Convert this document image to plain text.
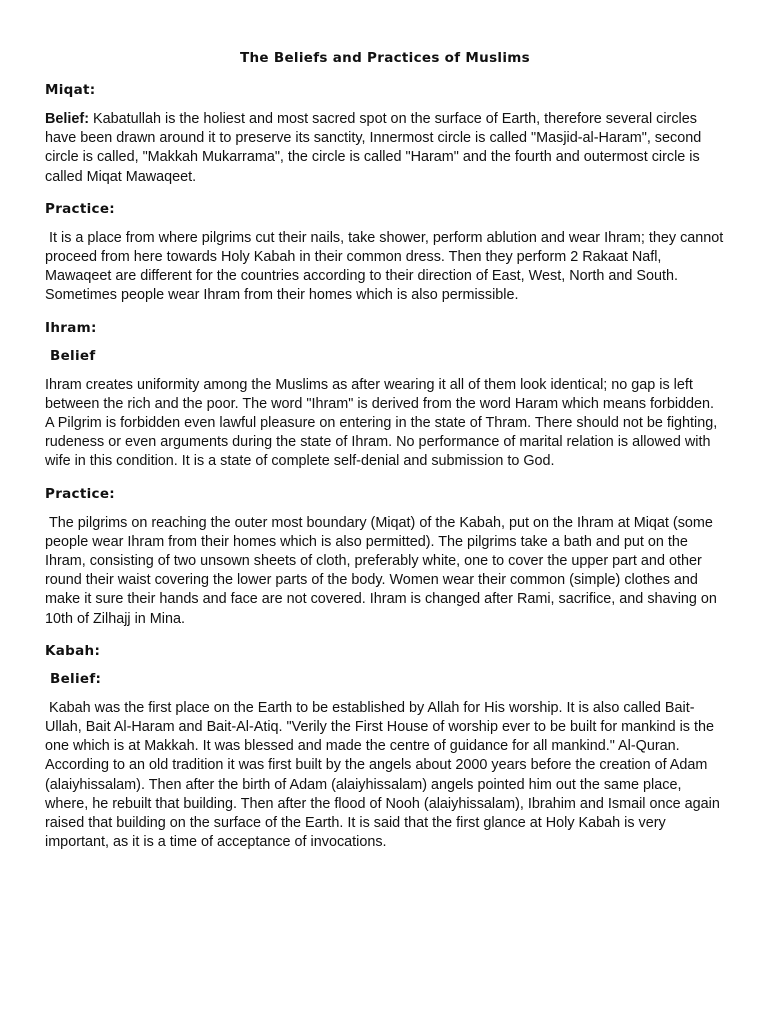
The Beliefs and Practices of Muslims
Miqat:

Belief: Kabatullah is the holiest and most sacred spot on the surface of Earth, therefore several circles have been drawn around it to preserve its sanctity, Innermost circle is called "Masjid-al-Haram", second circle is called, "Makkah Mukarrama", the circle is called "Haram" and the fourth and outermost circle is called Miqat Mawaqeet.

Practice:

It is a place from where pilgrims cut their nails, take shower, perform ablution and wear Ihram; they cannot proceed from here towards Holy Kabah in their common dress. Then they perform 2 Rakaat Nafl, Mawaqeet are different for the countries according to their direction of East, West, North and South. Sometimes people wear Ihram from their homes which is also permissible.

Ihram:
Belief

Ihram creates uniformity among the Muslims as after wearing it all of them look identical; no gap is left between the rich and the poor. The word "Ihram" is derived from the word Haram which means forbidden. A Pilgrim is forbidden even lawful pleasure on entering in the state of Thram. There should not be fighting, rudeness or even arguments during the state of Ihram. No performance of marital relation is allowed with wife in this condition. It is a state of complete self-denial and submission to God.

Practice:

The pilgrims on reaching the outer most boundary (Miqat) of the Kabah, put on the Ihram at Miqat (some people wear Ihram from their homes which is also permitted). The pilgrims take a bath and put on the Ihram, consisting of two unsown sheets of cloth, preferably white, one to cover the upper part and other round their waist covering the lower parts of the body. Women wear their common (simple) clothes and make it sure their hands and face are not covered. Ihram is changed after Rami, sacrifice, and shaving on 10th of Zilhajj in Mina.

Kabah:
Belief:

Kabah was the first place on the Earth to be established by Allah for His worship. It is also called Bait-Ullah, Bait Al-Haram and Bait-Al-Atiq. "Verily the First House of worship ever to be built for mankind is the one which is at Makkah. It was blessed and made the centre of guidance for all mankind." Al-Quran. According to an old tradition it was first built by the angels about 2000 years before the creation of Adam (alaiyhissalam). Then after the birth of Adam (alaiyhissalam) angels pointed him out the same place, where, he rebuilt that building. Then after the flood of Nooh (alaiyhissalam), Ibrahim and Ismail once again raised that building on the surface of the Earth. It is said that the first glance at Holy Kabah is very important, as it is a time of acceptance of invocations.
